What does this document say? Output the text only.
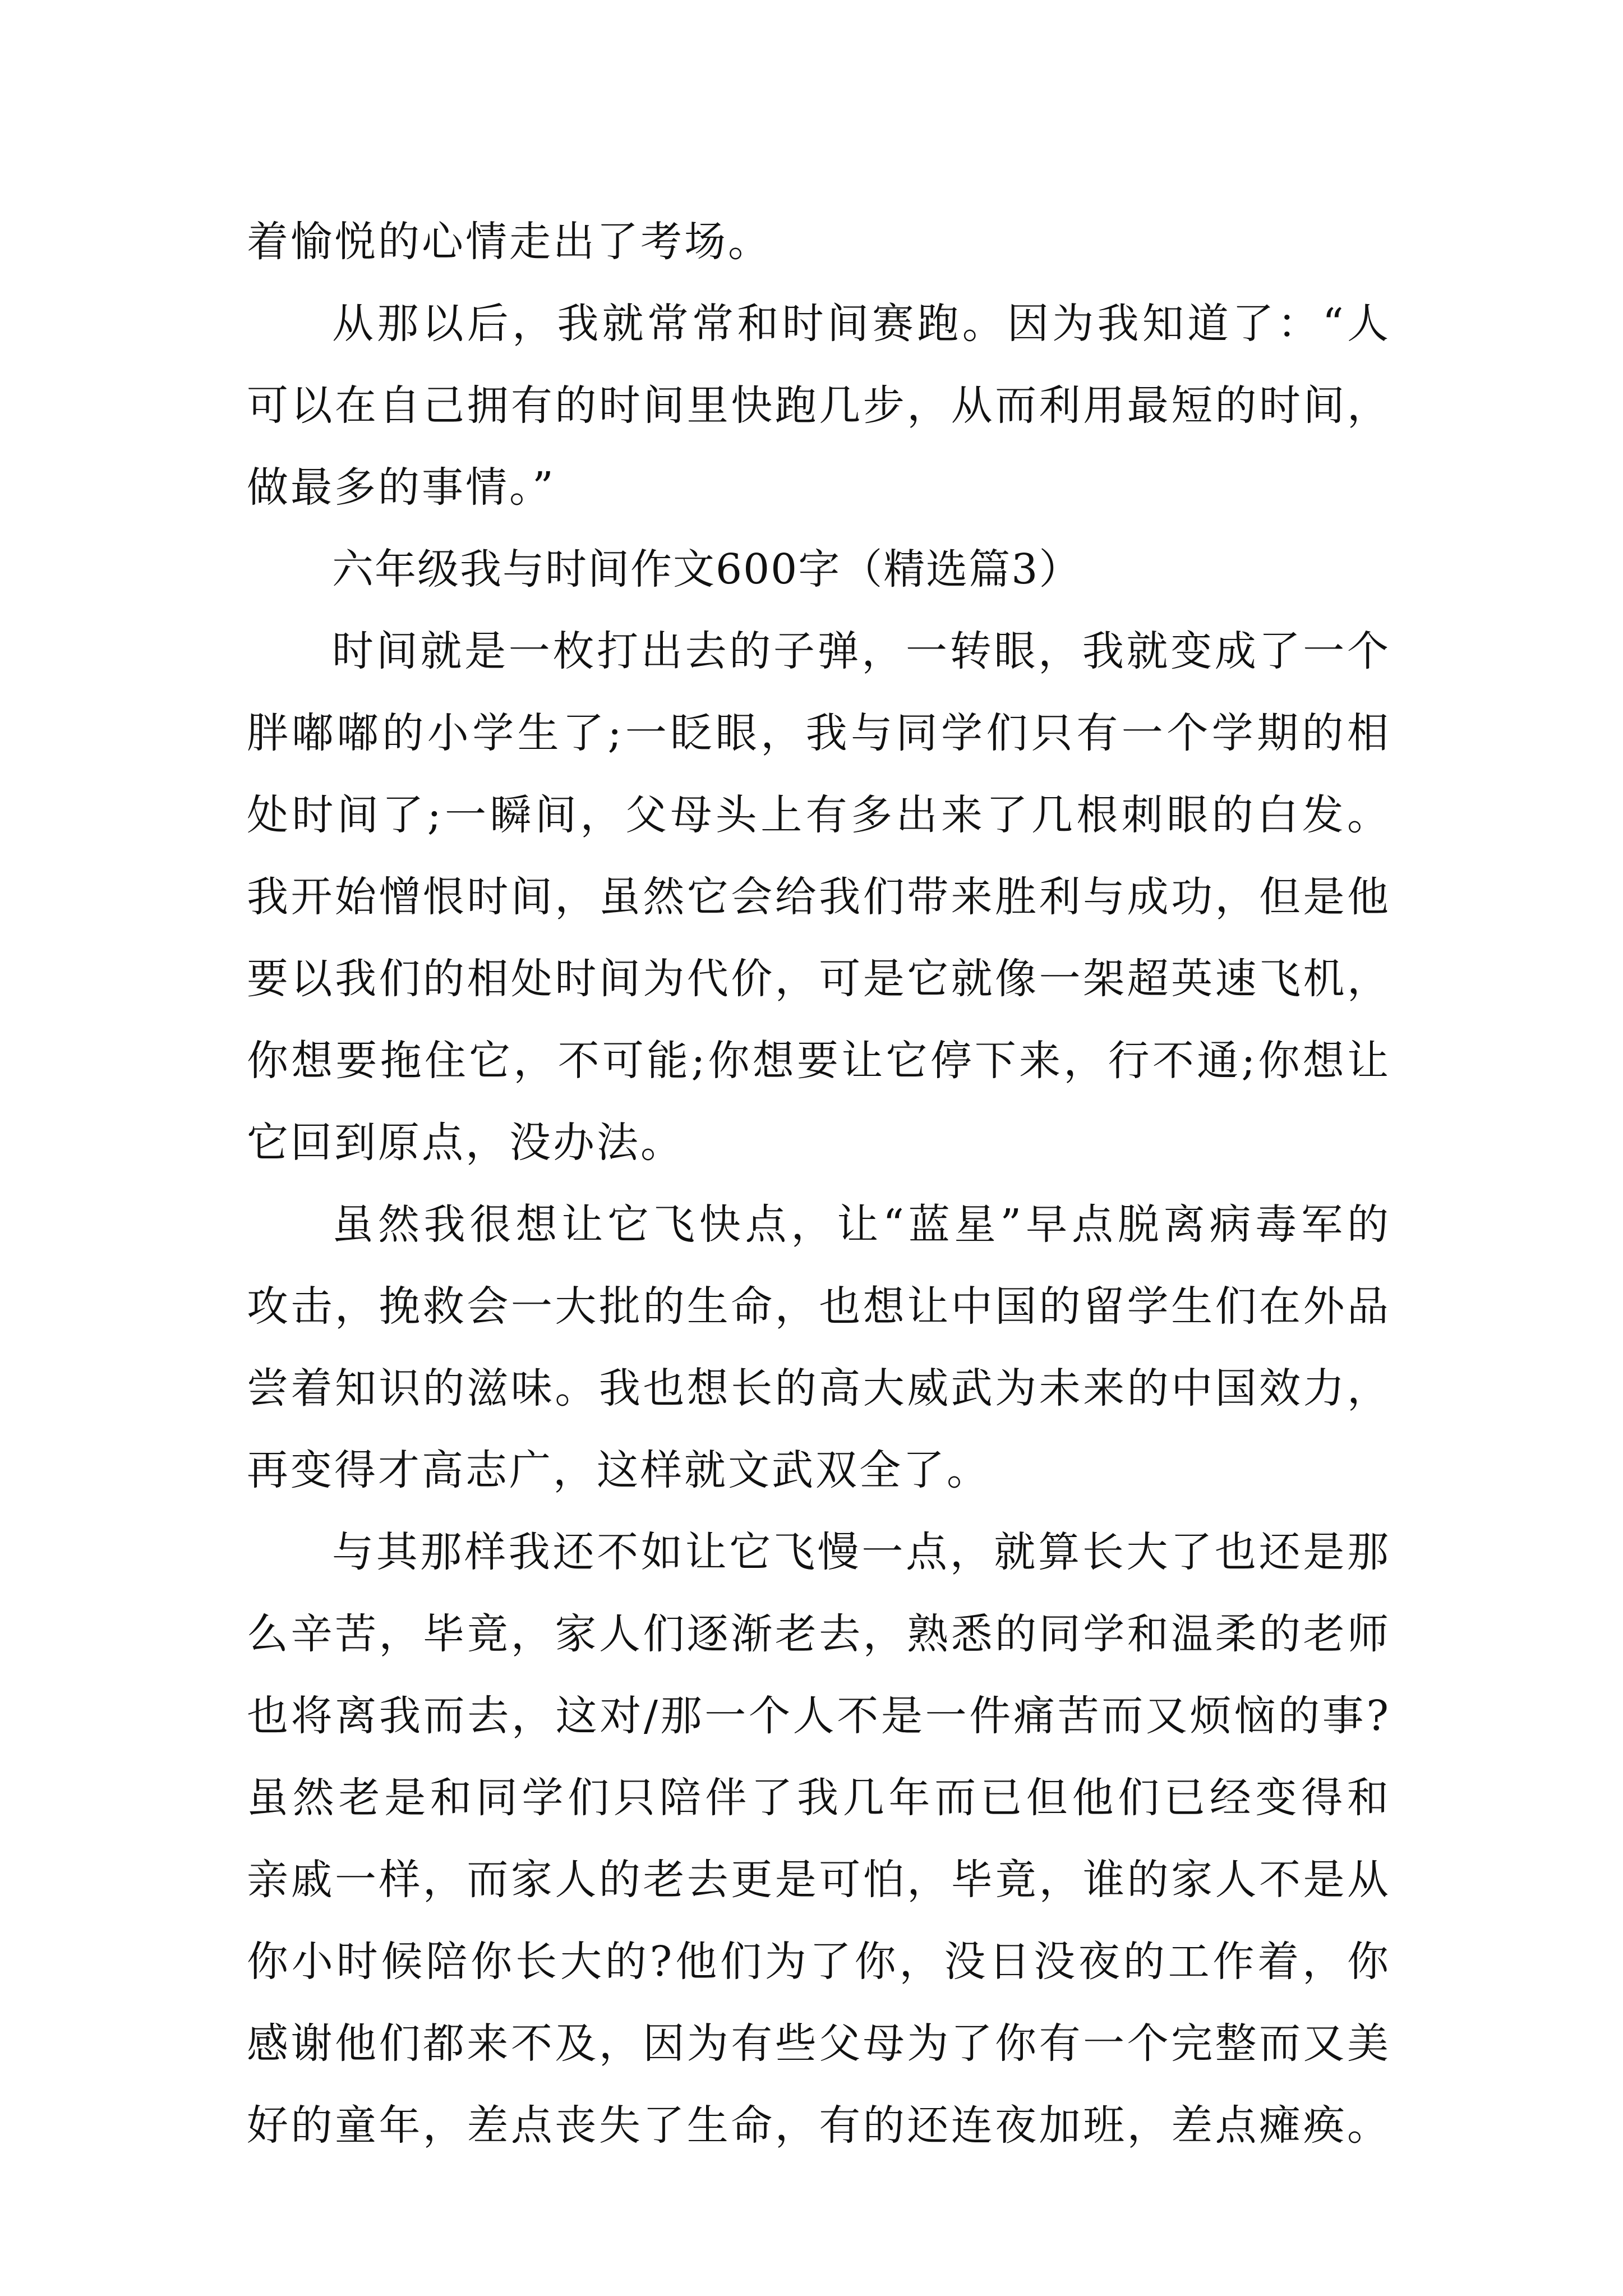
着愉悦的心情走出了考场。
从那以后，我就常常和时间赛跑。因为我知道了：“人
可以在自己拥有的时间里快跑几步，从而利用最短的时间，
做最多的事情。”
六年级我与时间作文600字（精选篇3）
时间就是一枚打出去的子弹，一转眼，我就变成了一个
胖嘟嘟的小学生了;一眨眼，我与同学们只有一个学期的相
处时间了;一瞬间，父母头上有多出来了几根刺眼的白发。
我开始憎恨时间，虽然它会给我们带来胜利与成功，但是他
要以我们的相处时间为代价，可是它就像一架超英速飞机，
你想要拖住它，不可能;你想要让它停下来，行不通;你想让
它回到原点，没办法。
虽然我很想让它飞快点，让“蓝星”早点脱离病毒军的
攻击，挽救会一大批的生命，也想让中国的留学生们在外品
尝着知识的滋味。我也想长的高大威武为未来的中国效力，
再变得才高志广，这样就文武双全了。
与其那样我还不如让它飞慢一点，就算长大了也还是那
么辛苦，毕竟，家人们逐渐老去，熟悉的同学和温柔的老师
也将离我而去，这对/那一个人不是一件痛苦而又烦恼的事?
虽然老是和同学们只陪伴了我几年而已但他们已经变得和
亲戚一样，而家人的老去更是可怕，毕竟，谁的家人不是从
你小时候陪你长大的?他们为了你，没日没夜的工作着，你
感谢他们都来不及，因为有些父母为了你有一个完整而又美
好的童年，差点丧失了生命，有的还连夜加班，差点瘫痪。
